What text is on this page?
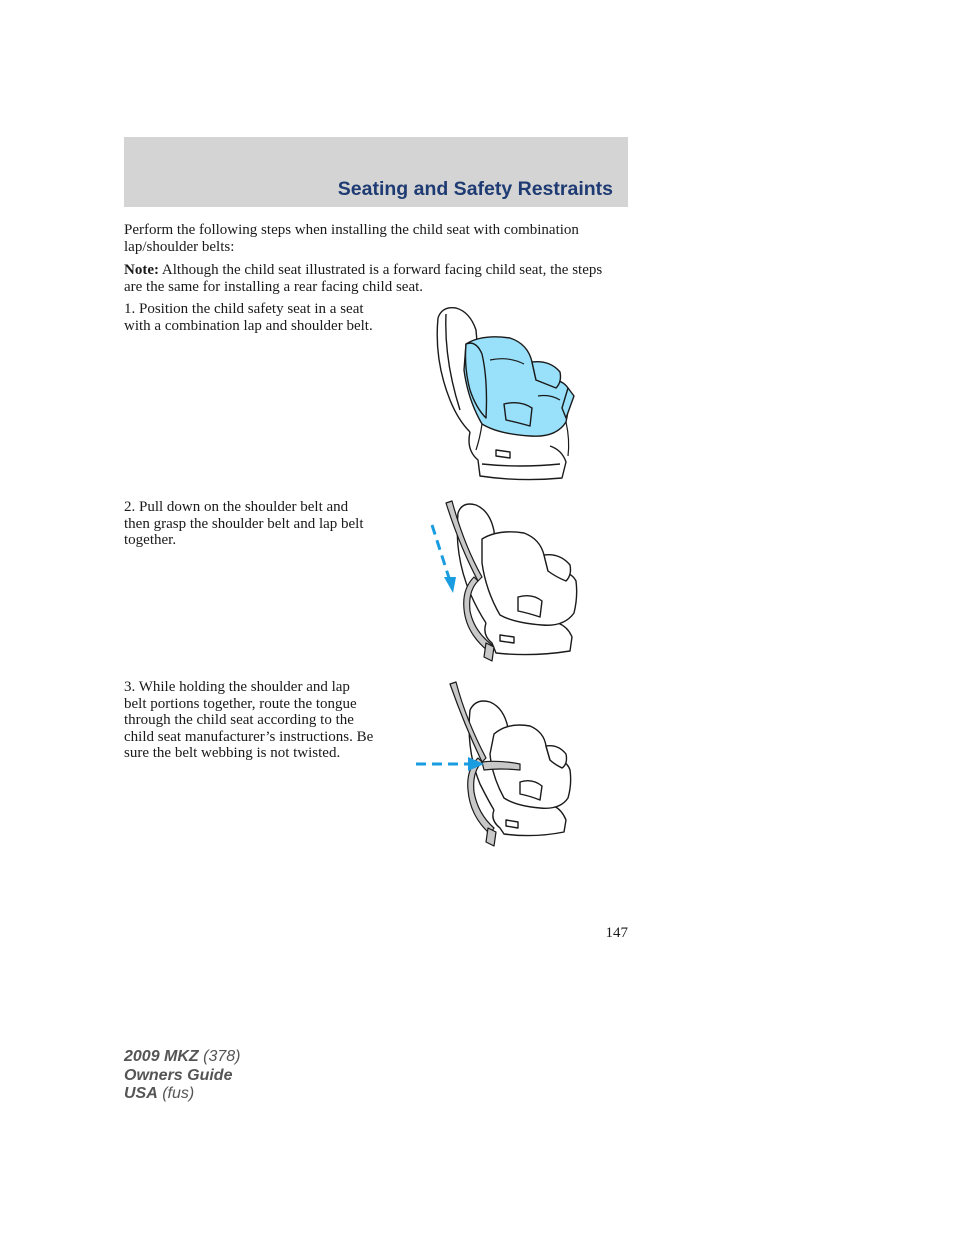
Seating and Safety Restraints

Perform the following steps when installing the child seat with combination lap/shoulder belts:

Note: Although the child seat illustrated is a forward facing child seat, the steps are the same for installing a rear facing child seat.

1. Position the child safety seat in a seat with a combination lap and shoulder belt.

2. Pull down on the shoulder belt and then grasp the shoulder belt and lap belt together.

3. While holding the shoulder and lap belt portions together, route the tongue through the child seat according to the child seat manufacturer’s instructions. Be sure the belt webbing is not twisted.

147
2009 MKZ (378)
Owners Guide
USA (fus)
